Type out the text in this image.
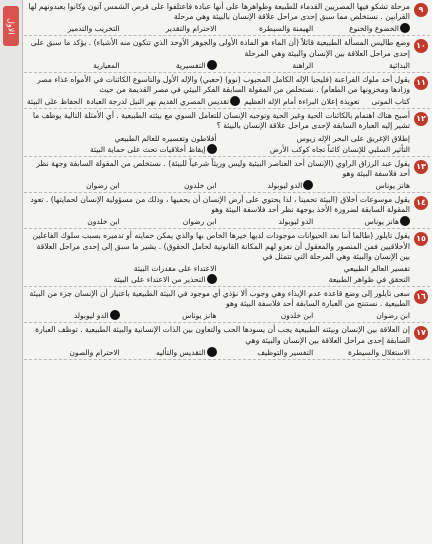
الاول
٩

مرحلة تشكو فيها المصريين القدماء للطبيعة وظواهرها على أنها عبادة فاعتلفوا على قرص الشمس آتون وكانوا يعبدونهم لها القرابين . نستخلص مما سبق إحدى مراحل علاقة الإنسان بالبيئة وهي مرحلة

الخضوع والخنوع
الهيمنة والسيطرة
الاحترام والتقدير
التخريب والتدمير
١٠

وضع طاليس المسألة الطبيعية قائلاً (أن الماء هو المادة الأولى والجوهر الأوحد الذي تتكون منه الأشياء) . يؤكد ما سبق على إحدى مراحل العلاقة بين الإنسان والبيئة وهي المرحلة

البدائية
الراهنة
التفسيرية
المعيارية
١١

يقول أحد ملوك الفراعنة (فليحيا الإله الكامل المحبوب (نوو) (حعبي) والإله الأول والتاسوع الكائنات في الأمواه غذاء مصر وزادها ومخزونها من الطعام) . نستخلص من المقولة السابقة الفكر البيئي في مصر القديمة من حيث

كتاب الموتى
تعويذة إعلان البراءة أمام الإله العظيم
تقديس المصري القديم نهر النيل لدرجة العبادة
الحفاظ على البيئة
١٢

أصبح هناك اهتمام بالكائنات الحية وغير الحية وتوجيه الإنسان للتعامل السوي مع بيئته الطبيعية . أي الأمثلة التالية يوظف ما تشير إليه العبارة السابقة لإحدى مراحل علاقة الإنسان بالبيئة ؟

إطلاق الإغريق على البحر الإله زيوس
أفلاطون وتفسيره للعالم الطبيعي
التأثير السلبي للإنسان كائناً تجاه كوكب الأرض
إيقاظ أخلاقيات تحث على حماية البيئة
١٣

يقول عبد الرزاق الراوي (الإنسان أحد العناصر البيئية وليس وريثاً شرعياً للبيئة) . نستخلص من المقولة السابقة وجهة نظر أحد فلاسفة البيئة وهو

هانز يوناس
الدو ليوبولد
ابن خلدون
ابن رضوان
١٤

يقول موسوعات أخلاق (البيئة تحمينا ، لذا يحتوي على أرض الإنسان أن يحميها ، وذلك من مسؤولية الإنسان لحمايتها) . تعود المقولة السابقة لضرورة الأخذ بوجهة نظر أحد فلاسفة البيئة وهو

هانز يوناس
الدو ليوبولد
ابن رضوان
ابن خلدون
١٥

يقول تايلور (طالما أننا نعد الحيوانات موجودات لديها خيرها الخاص بها والذي يمكن حمايته أو تدميره بسبب سلوك الفاعلين الأخلاقيين فمن المنصور والمعقول أن نعزو لهم المكانة القانونية لحامل الحقوق) . يشير ما سبق إلى إحدى مراحل العلاقة بين الإنسان والبيئة وهي المرحلة التي تتمثل في

تفسير العالم الطبيعي
الاعتداء على مقدرات البيئة
التحقق في ظواهر الطبيعة
التحذير من الاعتداء على البيئة
١٦

سعى تايلور إلى وضع قاعدة عدم الإيذاء وهي وجوب ألا نؤذي أي موجود في البيئة الطبيعية باعتبار أن الإنسان جزء من البيئة الطبيعية . نستنتج من العبارة السابقة أحد فلاسفة البيئة وهو

ابن رضوان
ابن خلدون
هانز يوناس
الدو ليوبولد
١٧

إن العلاقة بين الإنسان وبيئته الطبيعية يجب أن يسودها الحب والتعاون بين الذات الإنسانية والبيئة الطبيعية . توظف العبارة السابقة إحدى مراحل العلاقة بين الإنسان والبيئة وهي

الاستغلال والسيطرة
التفسير والتوظيف
التقديس والتأليه
الاحترام والصون
